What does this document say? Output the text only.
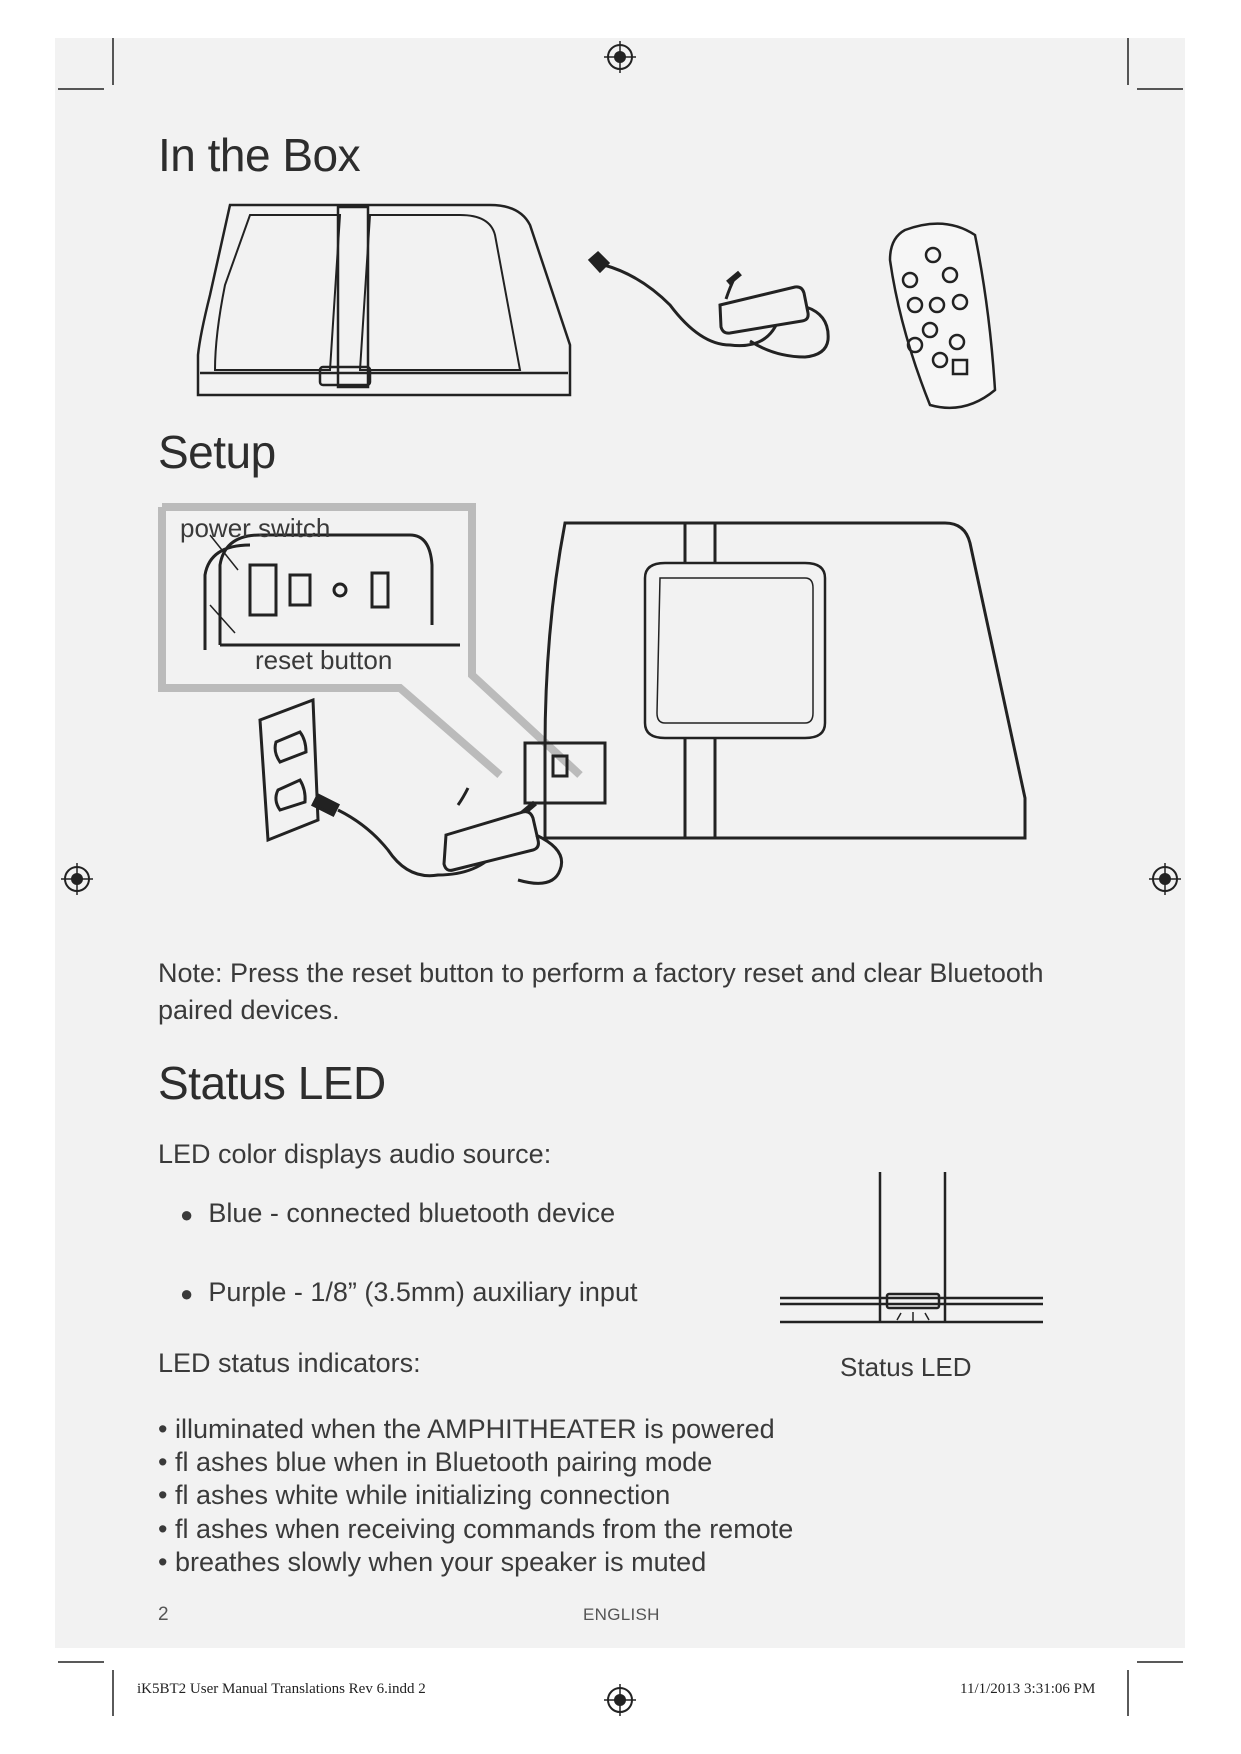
In the Box
Setup
power switch
reset button
Note: Press the reset button to perform a factory reset and clear Bluetooth
paired devices.
Status LED
LED color displays audio source:
● Blue - connected bluetooth device
● Purple - 1/8” (3.5mm) auxiliary input
Status LED
LED status indicators:
• illuminated when the AMPHITHEATER is powered
• fl ashes blue when in Bluetooth pairing mode
• fl ashes white while initializing connection
• fl ashes when receiving commands from the remote
• breathes slowly when your speaker is muted
2	ENGLISH
iK5BT2 User Manual Translations Rev 6.indd 2	11/1/2013 3:31:06 PM
